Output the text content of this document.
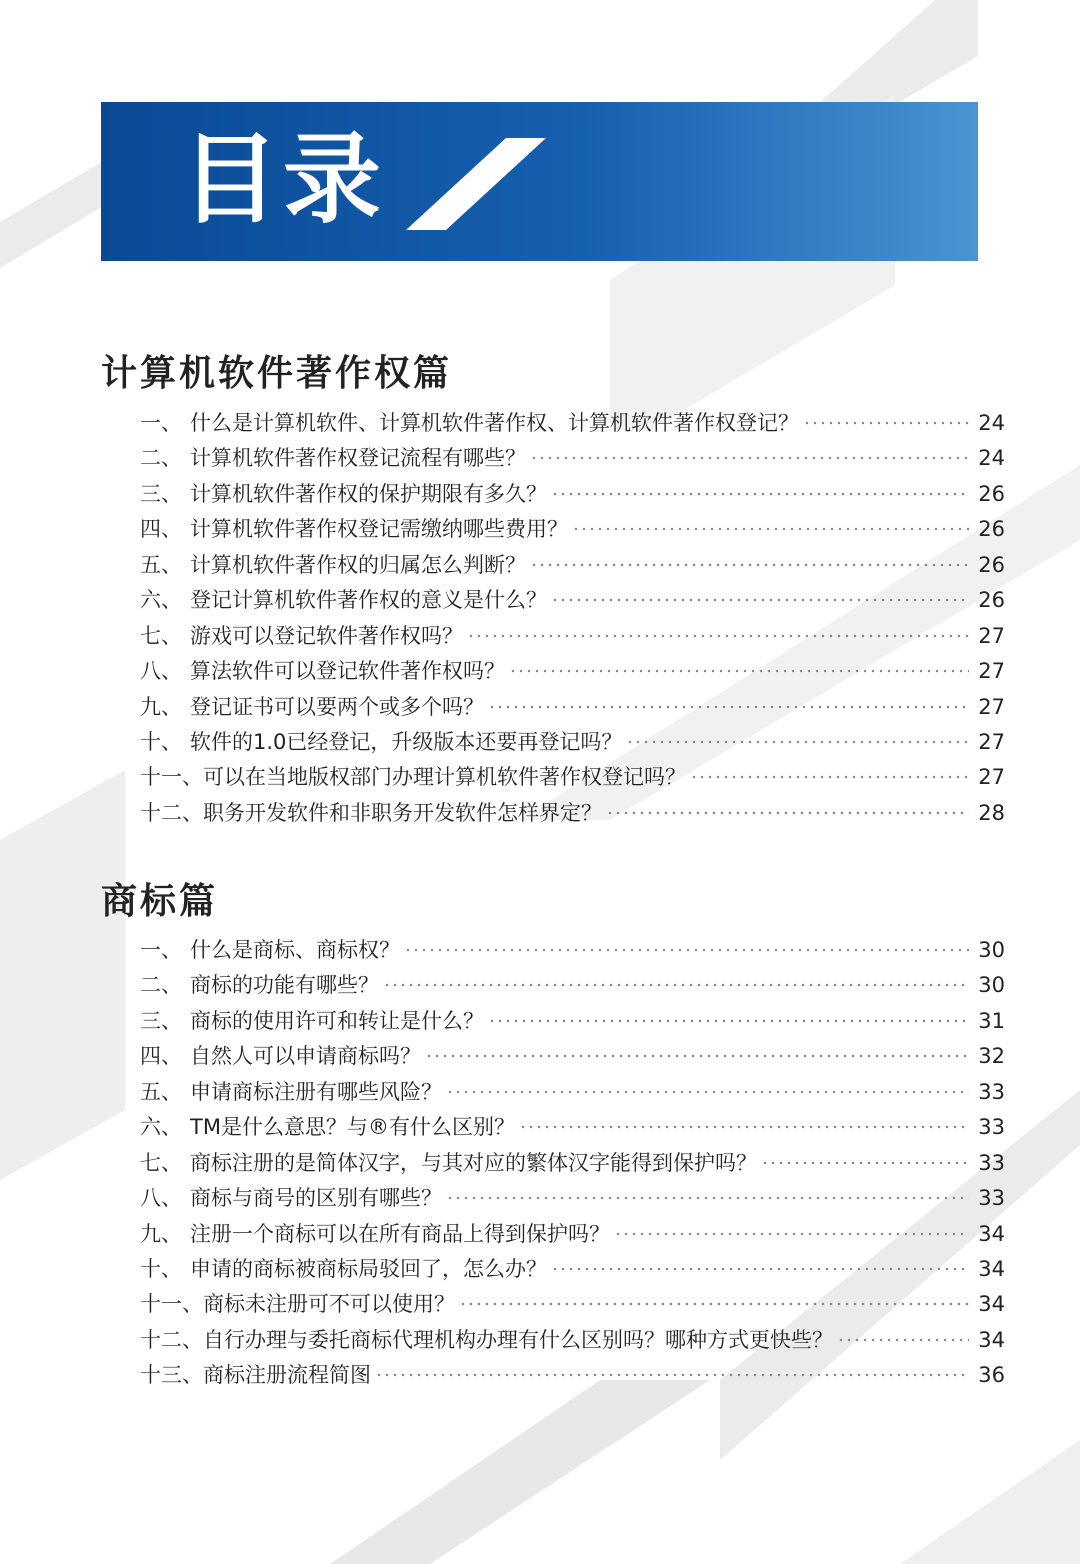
目录
计算机软件著作权篇
一、 什么是计算机软件、计算机软件著作权、计算机软件著作权登记？	24
二、 计算机软件著作权登记流程有哪些？	24
三、 计算机软件著作权的保护期限有多久？	26
四、 计算机软件著作权登记需缴纳哪些费用？	26
五、 计算机软件著作权的归属怎么判断？	26
六、 登记计算机软件著作权的意义是什么？	26
七、 游戏可以登记软件著作权吗？	27
八、 算法软件可以登记软件著作权吗？	27
九、 登记证书可以要两个或多个吗？	27
十、 软件的1.0已经登记，升级版本还要再登记吗？	27
十一、 可以在当地版权部门办理计算机软件著作权登记吗？	27
十二、 职务开发软件和非职务开发软件怎样界定？	28
商标篇
一、 什么是商标、商标权？	30
二、 商标的功能有哪些？	30
三、 商标的使用许可和转让是什么？	31
四、 自然人可以申请商标吗？	32
五、 申请商标注册有哪些风险？	33
六、 TM是什么意思？与®有什么区别？	33
七、 商标注册的是简体汉字，与其对应的繁体汉字能得到保护吗？	33
八、 商标与商号的区别有哪些？	33
九、 注册一个商标可以在所有商品上得到保护吗？	34
十、 申请的商标被商标局驳回了，怎么办？	34
十一、 商标未注册可不可以使用？	34
十二、 自行办理与委托商标代理机构办理有什么区别吗？哪种方式更快些？	34
十三、 商标注册流程简图	36
